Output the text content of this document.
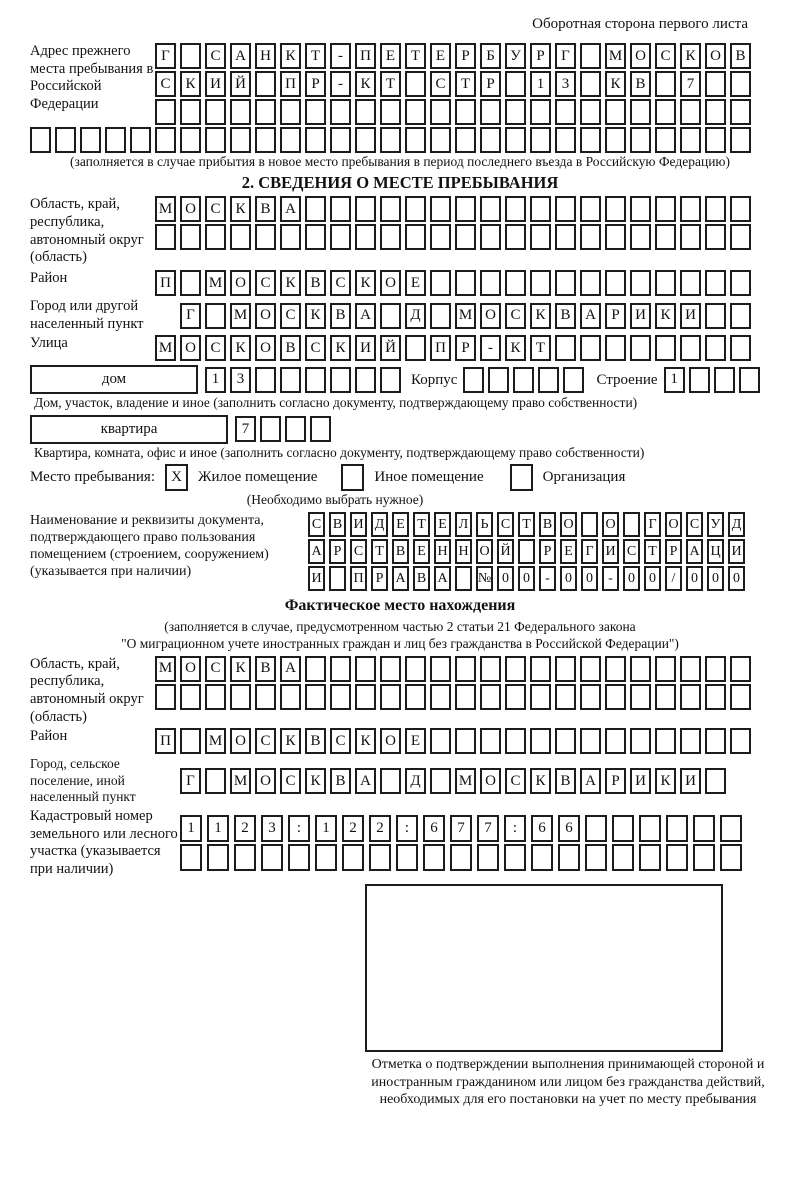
Оборотная сторона первого листа
Адрес прежнего места пребывания в Российской Федерации
Г	С А Н К	Т	-	П Е	Т	Е	Р	Б	У	Р	Г	М О С К О В
С К И Й	П	Р	-	К	Т	С	Т	Р	1	3	К В	7
(заполняется в случае прибытия в новое место пребывания в период последнего въезда в Российскую Федерацию)
2. СВЕДЕНИЯ О МЕСТЕ ПРЕБЫВАНИЯ
Область, край, республика, автономный округ (область)
М О С К В А
Район	П	М О С К В С К О Е
Город или другой населенный пункт
Г	М О С К В А	Д	М О С К В А	Р	И К И
Улица	М О С К О В С К И Й	П	Р	-	К	Т
дом	1	3	Корпус	Строение 1
Дом, участок, владение и иное (заполнить согласно документу, подтверждающему право собственности)
квартира	7
Квартира, комната, офис и иное (заполнить согласно документу, подтверждающему право собственности)
Место пребывания:	X	Жилое помещение	Иное помещение	Организация
(Необходимо выбрать нужное)
Наименование и реквизиты документа, подтверждающего право пользования помещением (строением, сооружением) (указывается при наличии)
С В И Д Е Т Е Л Ь С Т В О О	Г О С У Д
А Р С Т В Е Н Н О Й	Р Е Г И С Т Р А Ц И
И П Р А В А № 0	0	-	0	0	-	0	0	/	0	0	0
Фактическое место нахождения
(заполняется в случае, предусмотренном частью 2 статьи 21 Федерального закона
"О миграционном учете иностранных граждан и лиц без гражданства в Российской Федерации")
Область, край, республика, автономный округ (область)
М О С К В А
Район	П	М О С К В С К О Е
Город, сельское поселение, иной населенный пункт
Г	М О С К В А	Д	М О С К В А	Р	И К И
Кадастровый номер земельного или лесного участка (указывается при наличии)
1	1	2	3	:	1	2	2	:	6	7	7	:	6	6
Отметка о подтверждении выполнения принимающей стороной и иностранным гражданином или лицом без гражданства действий, необходимых для его постановки на учет по месту пребывания
